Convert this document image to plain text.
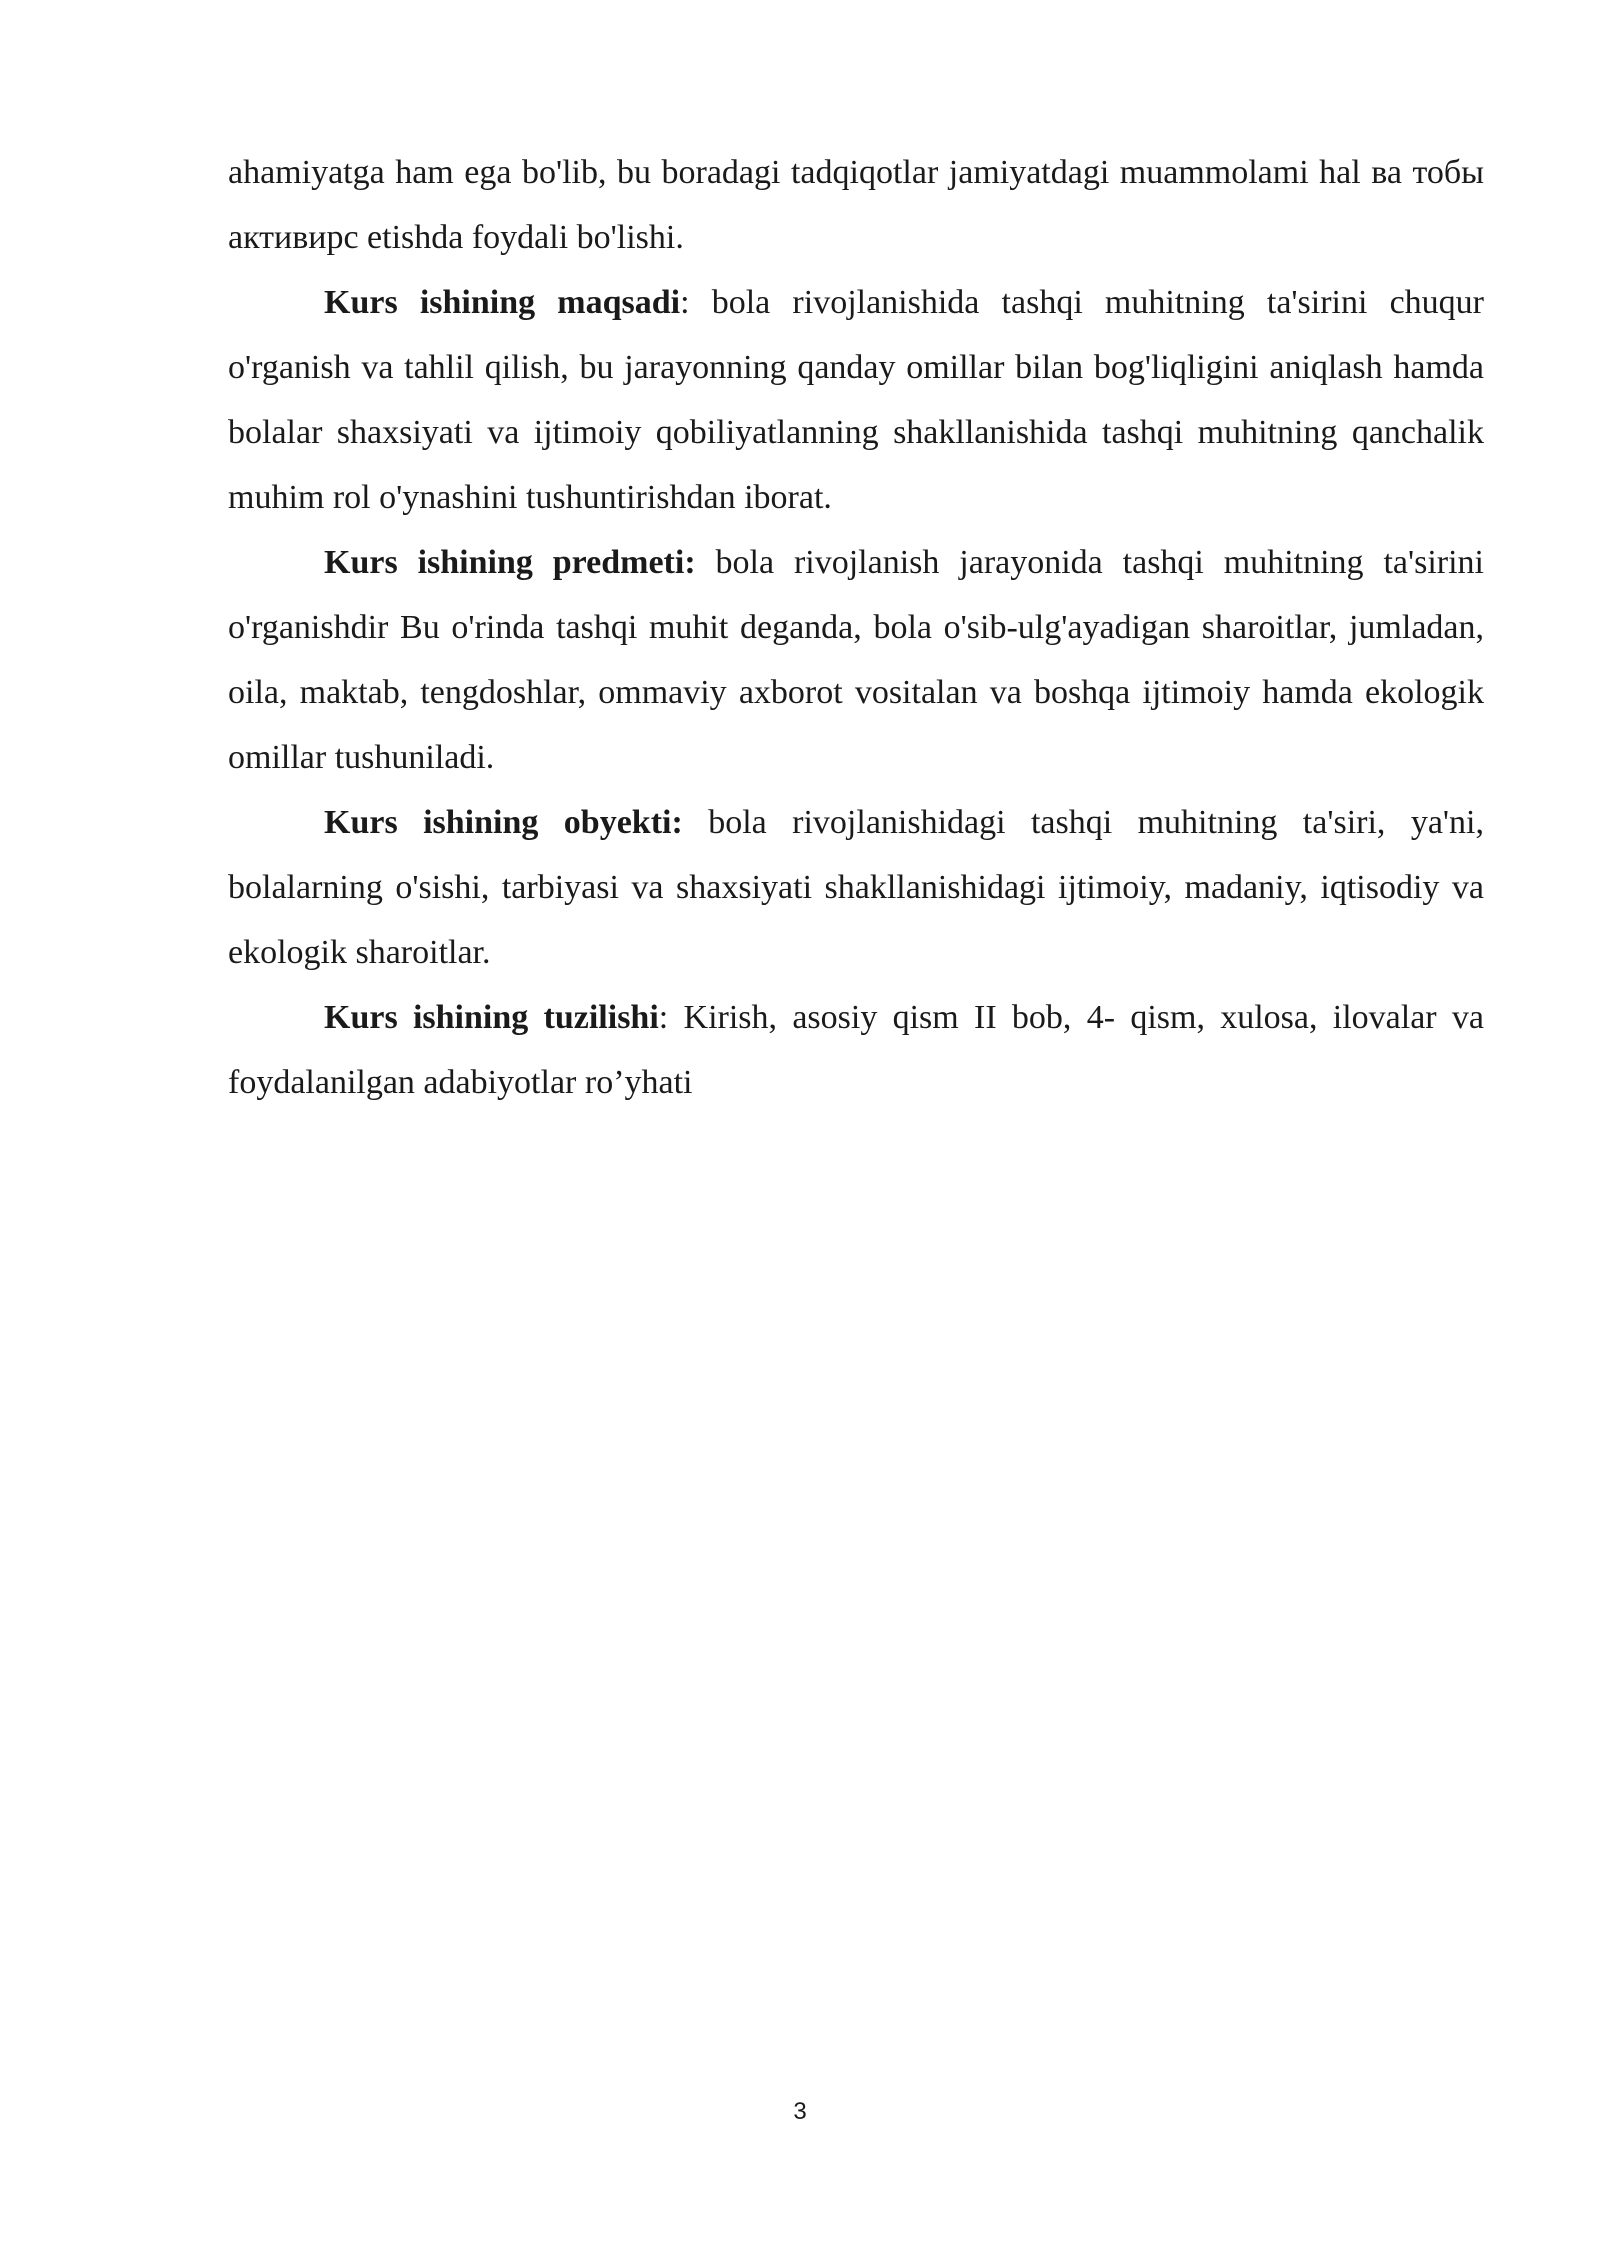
ahamiyatga ham ega bo'lib, bu boradagi tadqiqotlar jamiyatdagi muammolami hal ва тобы активирс etishda foydali bo'lishi.

Kurs ishining maqsadi: bola rivojlanishida tashqi muhitning ta'sirini chuqur o'rganish va tahlil qilish, bu jarayonning qanday omillar bilan bog'liqligini aniqlash hamda bolalar shaxsiyati va ijtimoiy qobiliyatlanning shakllanishida tashqi muhitning qanchalik muhim rol o'ynashini tushuntirishdan iborat.

Kurs ishining predmeti: bola rivojlanish jarayonida tashqi muhitning ta'sirini o'rganishdir Bu o'rinda tashqi muhit deganda, bola o'sib-ulg'ayadigan sharoitlar, jumladan, oila, maktab, tengdoshlar, ommaviy axborot vositalan va boshqa ijtimoiy hamda ekologik omillar tushuniladi.

Kurs ishining obyekti: bola rivojlanishidagi tashqi muhitning ta'siri, ya'ni, bolalarning o'sishi, tarbiyasi va shaxsiyati shakllanishidagi ijtimoiy, madaniy, iqtisodiy va ekologik sharoitlar.

Kurs ishining tuzilishi: Kirish, asosiy qism II bob, 4- qism, xulosa, ilovalar va foydalanilgan adabiyotlar ro’yhati

3
